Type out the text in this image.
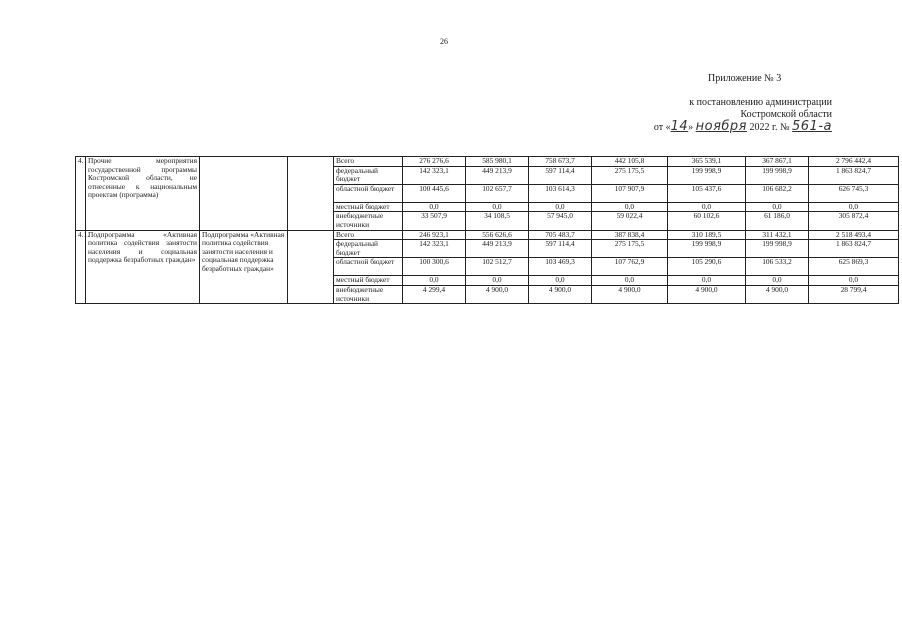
26
Приложение № 3
к постановлению администрации
Костромской области
от «14» ноября 2022 г. № 561-а
4.	Прочие мероприятия государственной программы Костромской области, не отнесенные к национальным проектам (программа)			Всего	276 276,6	585 980,1	758 673,7	442 105,8	365 539,1	367 867,1	2 796 442,4
				федеральный бюджет	142 323,1	449 213,9	597 114,4	275 175,5	199 998,9	199 998,9	1 863 824,7
				областной бюджет	100 445,6	102 657,7	103 614,3	107 907,9	105 437,6	106 682,2	626 745,3
				местный бюджет	0,0	0,0	0,0	0,0	0,0	0,0	0,0
				внебюджетные источники	33 507,9	34 108,5	57 945,0	59 022,4	60 102,6	61 186,0	305 872,4
4.1.	Подпрограмма «Активная политика содействия занятости населения и социальная поддержка безработных граждан»	Подпрограмма «Активная политика содействия занятости населения и социальная поддержка безработных граждан»		Всего	246 923,1	556 626,6	705 483,7	387 838,4	310 189,5	311 432,1	2 518 493,4
				федеральный бюджет	142 323,1	449 213,9	597 114,4	275 175,5	199 998,9	199 998,9	1 863 824,7
				областной бюджет	100 300,6	102 512,7	103 469,3	107 762,9	105 290,6	106 533,2	625 869,3
				местный бюджет	0,0	0,0	0,0	0,0	0,0	0,0	0,0
				внебюджетные источники	4 299,4	4 900,0	4 900,0	4 900,0	4 900,0	4 900,0	28 799,4
